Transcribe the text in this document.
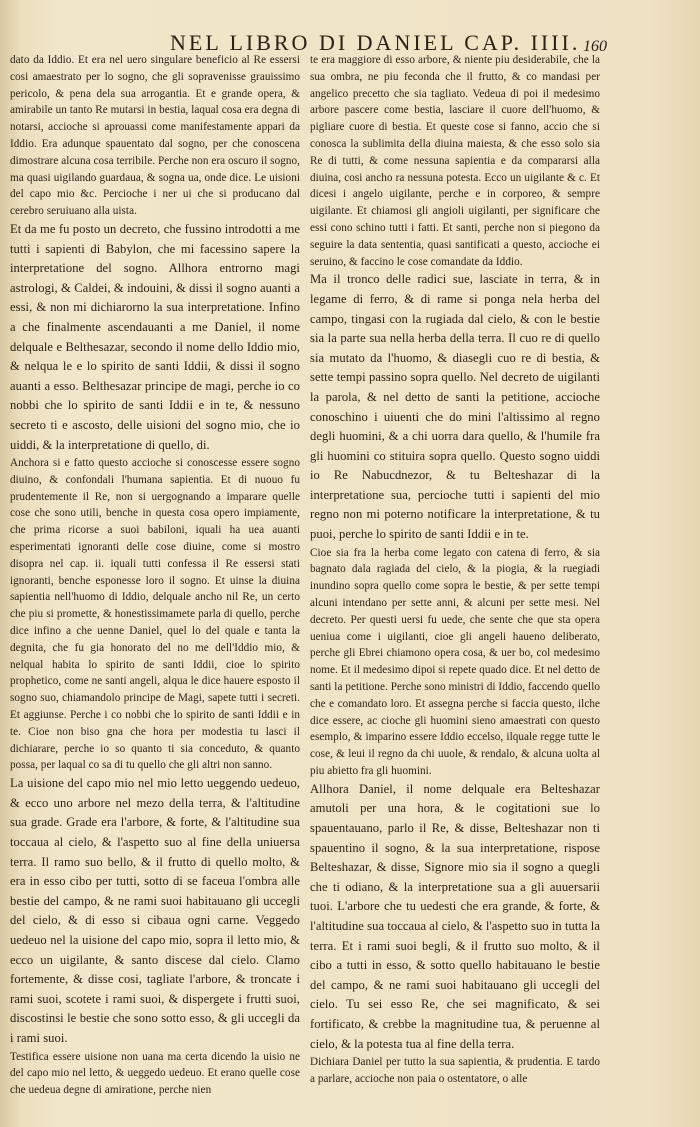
NEL LIBRO DI DANIEL CAP. IIII. 160

dato da Iddio. Et era nel uero singulare beneficio al Re essersi cosi amaestrato per lo sogno, che gli sopravenisse grauissimo pericolo, & pena dela sua arrogantia. Et e grande opera, & amirabile un tanto Re mutarsi in bestia, laqual cosa era degna di notarsi, accioche si aprouassi come manifestamente appari da Iddio. Era adunque spauentato dal sogno, per che conoscena dimostrare alcuna cosa terribile. Perche non era oscuro il sogno, ma quasi uigilando guardaua, & sogna ua, onde dice. Le uisioni del capo mio &c. Percioche i ner ui che si producano dal cerebro seruiuano alla uista.

Et da me fu posto un decreto, che fussino introdotti a me tutti i sapienti di Babylon, che mi facessino sapere la interpretatione del sogno. Allhora entrorno magi astrologi, & Caldei, & indouini, & dissi il sogno auanti a essi, & non mi dichiarorno la sua interpretatione. Infino a che finalmente ascendauanti a me Daniel, il nome delquale e Belthesazar, secondo il nome dello Iddio mio, & nelqua le e lo spirito de santi Iddii, & dissi il sogno auanti a esso. Belthesazar principe de magi, perche io co nobbi che lo spirito de santi Iddii e in te, & nessuno secreto ti e ascosto, delle uisioni del sogno mio, che io uiddi, & la interpretatione di quello, di.

Anchora si e fatto questo accioche si conoscesse essere sogno diuino, & confondali l'humana sapientia. Et di nuouo fu prudentemente il Re, non si uergognando a imparare quelle cose che sono utili, benche in questa cosa opero impiamente, che prima ricorse a suoi babiloni, iquali ha uea auanti esperimentati ignoranti delle cose diuine, come si mostro disopra nel cap. ii. iquali tutti confessa il Re essersi stati ignoranti, benche esponesse loro il sogno. Et uinse la diuina sapientia nell'huomo di Iddio, delquale ancho nil Re, un certo che piu si promette, & honestissimamete parla di quello, perche dice infino a che uenne Daniel, quel lo del quale e tanta la degnita, che fu gia honorato del no me dell'Iddio mio, & nelqual habita lo spirito de santi Iddii, cioe lo spirito prophetico, come ne santi angeli, alqua le dice hauere esposto il sogno suo, chiamandolo principe de Magi, sapete tutti i secreti. Et aggiunse. Perche i co nobbi che lo spirito de santi Iddii e in te. Cioe non biso gna che hora per modestia tu lasci il dichiarare, perche io so quanto ti sia conceduto, & quanto possa, per laqual co sa di tu quello che gli altri non sanno.

La uisione del capo mio nel mio letto ueggendo uedeuo, & ecco uno arbore nel mezo della terra, & l'altitudine sua grade. Grade era l'arbore, & forte, & l'altitudine sua toccaua al cielo, & l'aspetto suo al fine della uniuersa terra. Il ramo suo bello, & il frutto di quello molto, & era in esso cibo per tutti, sotto di se faceua l'ombra alle bestie del campo, & ne rami suoi habitauano gli uccegli del cielo, & di esso si cibaua ogni carne. Veggedo uedeuo nel la uisione del capo mio, sopra il letto mio, & ecco un uigilante, & santo discese dal cielo. Clamo fortemente, & disse cosi, tagliate l'arbore, & troncate i rami suoi, scotete i rami suoi, & dispergete i frutti suoi, discostinsi le bestie che sono sotto esso, & gli uccegli da i rami suoi.

Testifica essere uisione non uana ma certa dicendo la uisio ne del capo mio nel letto, & ueggedo uedeuo. Et erano quelle cose che uedeua degne di amiratione, perche nien

te era maggiore di esso arbore, & niente piu desiderabile, che la sua ombra, ne piu feconda che il frutto, & co mandasi per angelico precetto che sia tagliato. Vedeua di poi il medesimo arbore pascere come bestia, lasciare il cuore dell'huomo, & pigliare cuore di bestia. Et queste cose si fanno, accio che si conosca la sublimita della diuina maiesta, & che esso solo sia Re di tutti, & come nessuna sapientia e da compararsi alla diuina, cosi ancho ra nessuna potesta. Ecco un uigilante & c. Et dicesi i angelo uigilante, perche e in corporeo, & sempre uigilante. Et chiamosi gli angioli uigilanti, per significare che essi cono schino tutti i fatti. Et santi, perche non si piegono da seguire la data sententia, quasi santificati a questo, accioche ei seruino, & faccino le cose comandate da Iddio.

Ma il tronco delle radici sue, lasciate in terra, & in legame di ferro, & di rame si ponga nela herba del campo, tingasi con la rugiada dal cielo, & con le bestie sia la parte sua nella herba della terra. Il cuo re di quello sia mutato da l'huomo, & diasegli cuo re di bestia, & sette tempi passino sopra quello. Nel decreto de uigilanti la parola, & nel detto de santi la petitione, accioche conoschino i uiuenti che do mini l'altissimo al regno degli huomini, & a chi uorra dara quello, & l'humile fra gli huomini co stituira sopra quello. Questo sogno uiddi io Re Nabucdnezor, & tu Belteshazar di la interpretatione sua, percioche tutti i sapienti del mio regno non mi poterno notificare la interpretatione, & tu puoi, perche lo spirito de santi Iddii e in te.

Cioe sia fra la herba come legato con catena di ferro, & sia bagnato dala ragiada del cielo, & la piogia, & la ruegiadi inundino sopra quello come sopra le bestie, & per sette tempi alcuni intendano per sette anni, & alcuni per sette mesi. Nel decreto. Per questi uersi fu uede, che sente che que sta opera ueniua come i uigilanti, cioe gli angeli haueno deliberato, perche gli Ebrei chiamono opera cosa, & uer bo, col medesimo nome. Et il medesimo dipoi si repete quado dice. Et nel detto de santi la petitione. Perche sono ministri di Iddio, faccendo quello che e comandato loro. Et assegna perche si faccia questo, ilche dice essere, ac cioche gli huomini sieno amaestrati con questo esemplo, & imparino essere Iddio eccelso, ilquale regge tutte le cose, & leui il regno da chi uuole, & rendalo, & alcuna uolta al piu abietto fra gli huomini.

Allhora Daniel, il nome delquale era Belteshazar amutoli per una hora, & le cogitationi sue lo spauentauano, parlo il Re, & disse, Belteshazar non ti spauentino il sogno, & la sua interpretatione, rispose Belteshazar, & disse, Signore mio sia il sogno a quegli che ti odiano, & la interpretatione sua a gli auuersarii tuoi. L'arbore che tu uedesti che era grande, & forte, & l'altitudine sua toccaua al cielo, & l'aspetto suo in tutta la terra. Et i rami suoi begli, & il frutto suo molto, & il cibo a tutti in esso, & sotto quello habitauano le bestie del campo, & ne rami suoi habitauano gli uccegli del cielo. Tu sei esso Re, che sei magnificato, & sei fortificato, & crebbe la magnitudine tua, & peruenne al cielo, & la potesta tua al fine della terra.

Dichiara Daniel per tutto la sua sapientia, & prudentia. E tardo a parlare, accioche non paia o ostentatore, o alle
